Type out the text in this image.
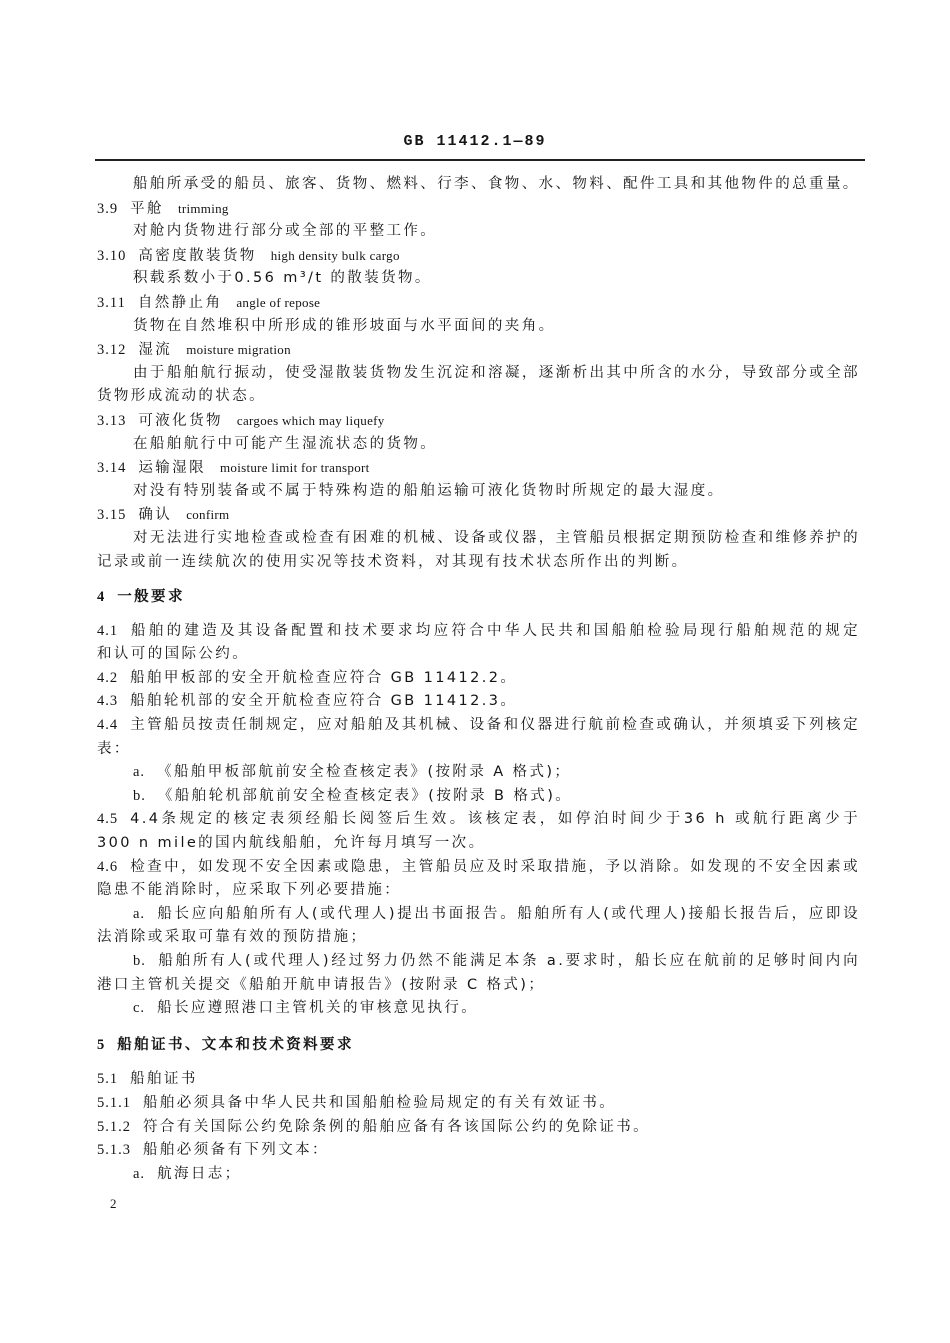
GB 11412.1—89
船舶所承受的船员、旅客、货物、燃料、行李、食物、水、物料、配件工具和其他物件的总重量。
3.9 平舱 trimming
对舱内货物进行部分或全部的平整工作。
3.10 高密度散装货物 high density bulk cargo
积载系数小于0.56 m³/t 的散装货物。
3.11 自然静止角 angle of repose
货物在自然堆积中所形成的锥形坡面与水平面间的夹角。
3.12 湿流 moisture migration
由于船舶航行振动，使受湿散装货物发生沉淀和溶凝，逐渐析出其中所含的水分，导致部分或全部
货物形成流动的状态。
3.13 可液化货物 cargoes which may liquefy
在船舶航行中可能产生湿流状态的货物。
3.14 运输湿限 moisture limit for transport
对没有特别装备或不属于特殊构造的船舶运输可液化货物时所规定的最大湿度。
3.15 确认 confirm
对无法进行实地检查或检查有困难的机械、设备或仪器，主管船员根据定期预防检查和维修养护的
记录或前一连续航次的使用实况等技术资料，对其现有技术状态所作出的判断。
4 一般要求
4.1 船舶的建造及其设备配置和技术要求均应符合中华人民共和国船舶检验局现行船舶规范的规定
和认可的国际公约。
4.2 船舶甲板部的安全开航检查应符合 GB 11412.2。
4.3 船舶轮机部的安全开航检查应符合 GB 11412.3。
4.4 主管船员按责任制规定，应对船舶及其机械、设备和仪器进行航前检查或确认，并须填妥下列核定
表：
a. 《船舶甲板部航前安全检查核定表》(按附录 A 格式)；
b. 《船舶轮机部航前安全检查核定表》(按附录 B 格式)。
4.5 4.4条规定的核定表须经船长阅签后生效。该核定表，如停泊时间少于36 h 或航行距离少于
300 n mile的国内航线船舶，允许每月填写一次。
4.6 检查中，如发现不安全因素或隐患，主管船员应及时采取措施，予以消除。如发现的不安全因素或
隐患不能消除时，应采取下列必要措施：
a. 船长应向船舶所有人(或代理人)提出书面报告。船舶所有人(或代理人)接船长报告后，应即设
法消除或采取可靠有效的预防措施；
b. 船舶所有人(或代理人)经过努力仍然不能满足本条 a.要求时，船长应在航前的足够时间内向
港口主管机关提交《船舶开航申请报告》(按附录 C 格式)；
c. 船长应遵照港口主管机关的审核意见执行。
5 船舶证书、文本和技术资料要求
5.1 船舶证书
5.1.1 船舶必须具备中华人民共和国船舶检验局规定的有关有效证书。
5.1.2 符合有关国际公约免除条例的船舶应备有各该国际公约的免除证书。
5.1.3 船舶必须备有下列文本：
a. 航海日志；
2
